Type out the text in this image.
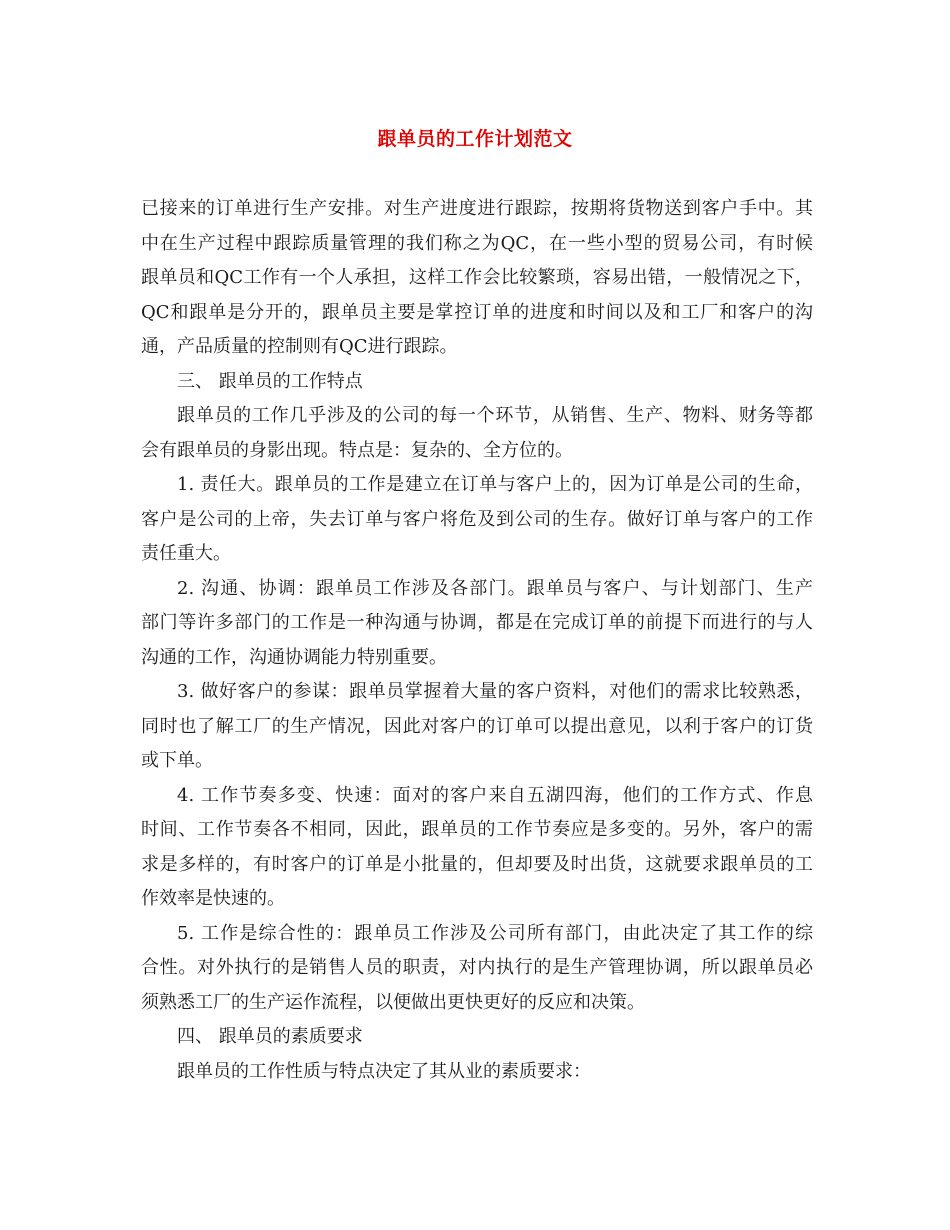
跟单员的工作计划范文
已接来的订单进行生产安排。对生产进度进行跟踪，按期将货物送到客户手中。其
中在生产过程中跟踪质量管理的我们称之为QC，在一些小型的贸易公司，有时候
跟单员和QC工作有一个人承担，这样工作会比较繁琐，容易出错，一般情况之下，
QC和跟单是分开的，跟单员主要是掌控订单的进度和时间以及和工厂和客户的沟
通，产品质量的控制则有QC进行跟踪。
三、 跟单员的工作特点
跟单员的工作几乎涉及的公司的每一个环节，从销售、生产、物料、财务等都
会有跟单员的身影出现。特点是：复杂的、全方位的。
1. 责任大。跟单员的工作是建立在订单与客户上的，因为订单是公司的生命，
客户是公司的上帝，失去订单与客户将危及到公司的生存。做好订单与客户的工作
责任重大。
2. 沟通、协调：跟单员工作涉及各部门。跟单员与客户、与计划部门、生产
部门等许多部门的工作是一种沟通与协调，都是在完成订单的前提下而进行的与人
沟通的工作，沟通协调能力特别重要。
3. 做好客户的参谋：跟单员掌握着大量的客户资料，对他们的需求比较熟悉，
同时也了解工厂的生产情况，因此对客户的订单可以提出意见，以利于客户的订货
或下单。
4. 工作节奏多变、快速：面对的客户来自五湖四海，他们的工作方式、作息
时间、工作节奏各不相同，因此，跟单员的工作节奏应是多变的。另外，客户的需
求是多样的，有时客户的订单是小批量的，但却要及时出货，这就要求跟单员的工
作效率是快速的。
5. 工作是综合性的：跟单员工作涉及公司所有部门，由此决定了其工作的综
合性。对外执行的是销售人员的职责，对内执行的是生产管理协调，所以跟单员必
须熟悉工厂的生产运作流程，以便做出更快更好的反应和决策。
四、 跟单员的素质要求
跟单员的工作性质与特点决定了其从业的素质要求：
